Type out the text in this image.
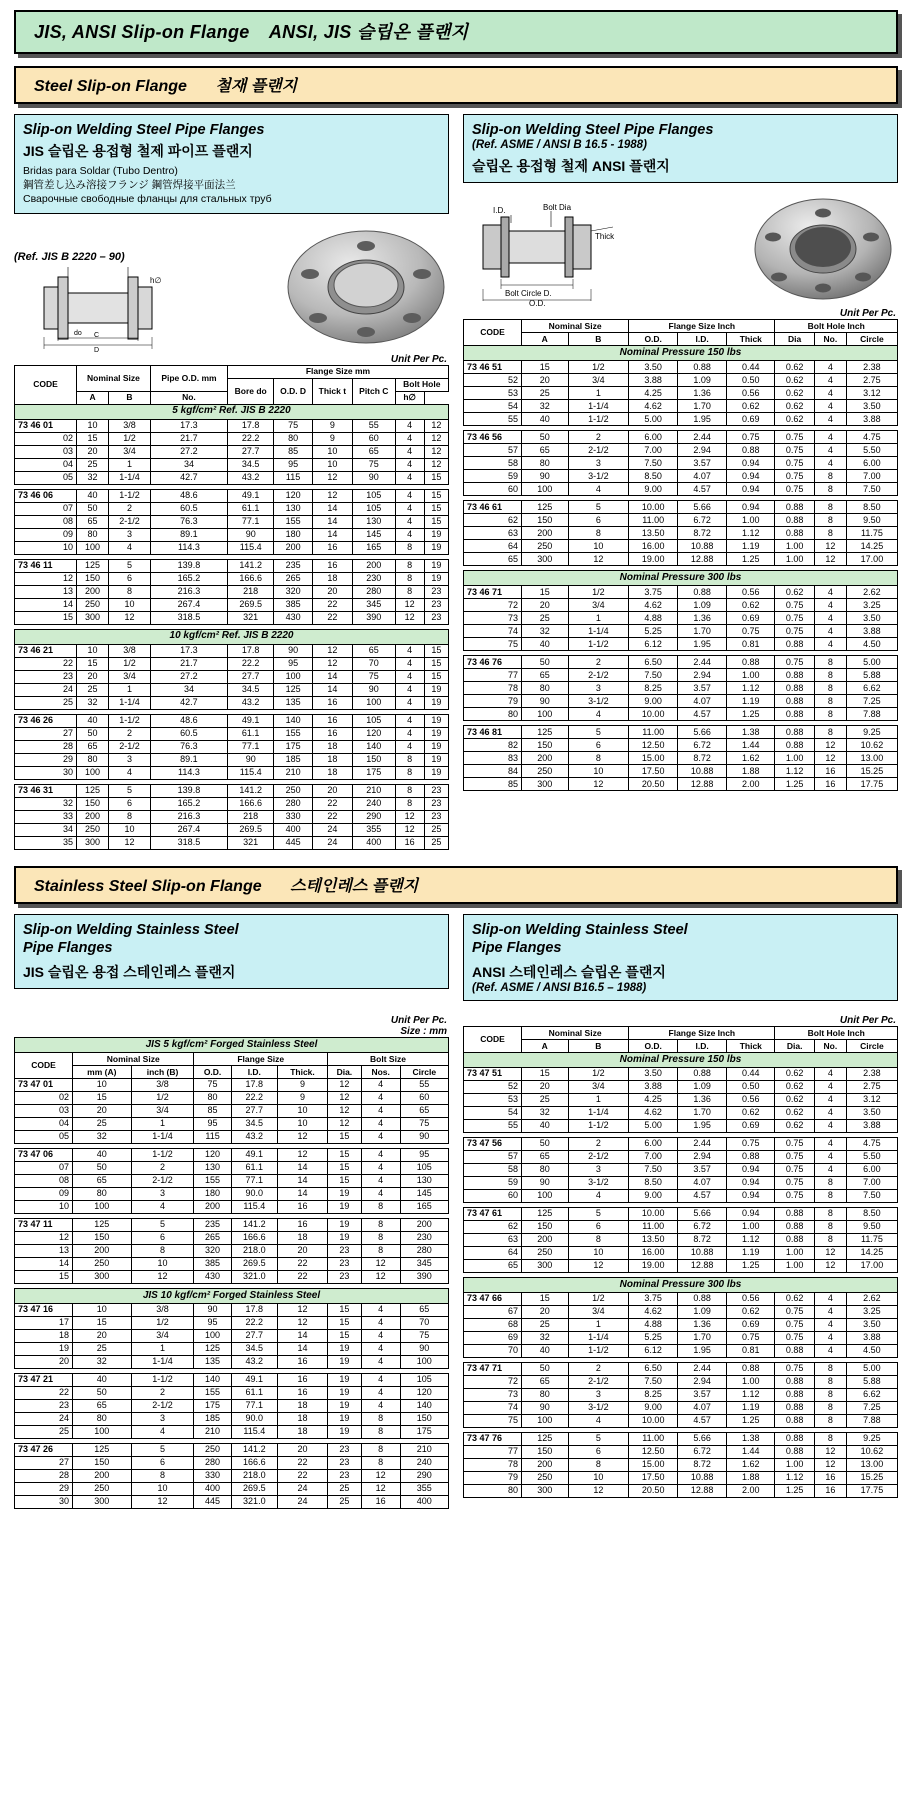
JIS, ANSI Slip-on Flange ANSI, JIS 슬립온 플랜지
Steel Slip-on Flange 철재 플랜지
Slip-on Welding Steel Pipe Flanges
JIS 슬립온 용접형 철제 파이프 플랜지
Bridas para Soldar (Tubo Dentro)
鋼管差し込み溶接フランジ 鋼管焊接平面法兰
Сварочные свободные фланцы для стальных труб
(Ref. JIS B 2220 – 90)
h∅
D
C
do
Unit Per Pc.
CODE	Nominal Size		Pipe O.D. mm	Flange Size mm					
				Bore do	O.D. D	Thick t	Pitch C	Bolt Hole	
	A	B	No.					h∅	
5 kgf/cm² Ref. JIS B 2220									
73 46 01	10	3/8	17.3	17.8	75	9	55	4	12
02	15	1/2	21.7	22.2	80	9	60	4	12
03	20	3/4	27.2	27.7	85	10	65	4	12
04	25	1	34	34.5	95	10	75	4	12
05	32	1-1/4	42.7	43.2	115	12	90	4	15

73 46 06	40	1-1/2	48.6	49.1	120	12	105	4	15
07	50	2	60.5	61.1	130	14	105	4	15
08	65	2-1/2	76.3	77.1	155	14	130	4	15
09	80	3	89.1	90	180	14	145	4	19
10	100	4	114.3	115.4	200	16	165	8	19

73 46 11	125	5	139.8	141.2	235	16	200	8	19
12	150	6	165.2	166.6	265	18	230	8	19
13	200	8	216.3	218	320	20	280	8	23
14	250	10	267.4	269.5	385	22	345	12	23
15	300	12	318.5	321	430	22	390	12	23

10 kgf/cm² Ref. JIS B 2220									
73 46 21	10	3/8	17.3	17.8	90	12	65	4	15
22	15	1/2	21.7	22.2	95	12	70	4	15
23	20	3/4	27.2	27.7	100	14	75	4	15
24	25	1	34	34.5	125	14	90	4	19
25	32	1-1/4	42.7	43.2	135	16	100	4	19

73 46 26	40	1-1/2	48.6	49.1	140	16	105	4	19
27	50	2	60.5	61.1	155	16	120	4	19
28	65	2-1/2	76.3	77.1	175	18	140	4	19
29	80	3	89.1	90	185	18	150	8	19
30	100	4	114.3	115.4	210	18	175	8	19

73 46 31	125	5	139.8	141.2	250	20	210	8	23
32	150	6	165.2	166.6	280	22	240	8	23
33	200	8	216.3	218	330	22	290	12	23
34	250	10	267.4	269.5	400	24	355	12	25
35	300	12	318.5	321	445	24	400	16	25
Slip-on Welding Steel Pipe Flanges
(Ref. ASME / ANSI B 16.5 - 1988)
슬립온 용접형 철제 ANSI 플랜지
I.D.	Bolt Dia
Thick
Bolt Circle D.
O.D.
Unit Per Pc.
CODE	Nominal Size		Flange Size Inch			Bolt Hole Inch		

	A	B	O.D.	I.D.	Thick	Dia	No.	Circle
Nominal Pressure 150 lbs								
73 46 51	15	1/2	3.50	0.88	0.44	0.62	4	2.38
52	20	3/4	3.88	1.09	0.50	0.62	4	2.75
53	25	1	4.25	1.36	0.56	0.62	4	3.12
54	32	1-1/4	4.62	1.70	0.62	0.62	4	3.50
55	40	1-1/2	5.00	1.95	0.69	0.62	4	3.88

73 46 56	50	2	6.00	2.44	0.75	0.75	4	4.75
57	65	2-1/2	7.00	2.94	0.88	0.75	4	5.50
58	80	3	7.50	3.57	0.94	0.75	4	6.00
59	90	3-1/2	8.50	4.07	0.94	0.75	8	7.00
60	100	4	9.00	4.57	0.94	0.75	8	7.50

73 46 61	125	5	10.00	5.66	0.94	0.88	8	8.50
62	150	6	11.00	6.72	1.00	0.88	8	9.50
63	200	8	13.50	8.72	1.12	0.88	8	11.75
64	250	10	16.00	10.88	1.19	1.00	12	14.25
65	300	12	19.00	12.88	1.25	1.00	12	17.00

Nominal Pressure 300 lbs								
73 46 71	15	1/2	3.75	0.88	0.56	0.62	4	2.62
72	20	3/4	4.62	1.09	0.62	0.75	4	3.25
73	25	1	4.88	1.36	0.69	0.75	4	3.50
74	32	1-1/4	5.25	1.70	0.75	0.75	4	3.88
75	40	1-1/2	6.12	1.95	0.81	0.88	4	4.50

73 46 76	50	2	6.50	2.44	0.88	0.75	8	5.00
77	65	2-1/2	7.50	2.94	1.00	0.88	8	5.88
78	80	3	8.25	3.57	1.12	0.88	8	6.62
79	90	3-1/2	9.00	4.07	1.19	0.88	8	7.25
80	100	4	10.00	4.57	1.25	0.88	8	7.88

73 46 81	125	5	11.00	5.66	1.38	0.88	8	9.25
82	150	6	12.50	6.72	1.44	0.88	12	10.62
83	200	8	15.00	8.72	1.62	1.00	12	13.00
84	250	10	17.50	10.88	1.88	1.12	16	15.25
85	300	12	20.50	12.88	2.00	1.25	16	17.75
Stainless Steel Slip-on Flange 스테인레스 플랜지
Slip-on Welding Stainless Steel
Pipe Flanges
JIS 슬립온 용접 스테인레스 플랜지
Unit Per Pc.
Size : mm
JIS 5 kgf/cm² Forged Stainless Steel								
CODE	Nominal Size		Flange Size			Bolt Size		
	mm (A)	inch (B)	O.D.	I.D.	Thick.	Dia.	Nos.	Circle
73 47 01	10	3/8	75	17.8	9	12	4	55
02	15	1/2	80	22.2	9	12	4	60
03	20	3/4	85	27.7	10	12	4	65
04	25	1	95	34.5	10	12	4	75
05	32	1-1/4	115	43.2	12	15	4	90

73 47 06	40	1-1/2	120	49.1	12	15	4	95
07	50	2	130	61.1	14	15	4	105
08	65	2-1/2	155	77.1	14	15	4	130
09	80	3	180	90.0	14	19	4	145
10	100	4	200	115.4	16	19	8	165

73 47 11	125	5	235	141.2	16	19	8	200
12	150	6	265	166.6	18	19	8	230
13	200	8	320	218.0	20	23	8	280
14	250	10	385	269.5	22	23	12	345
15	300	12	430	321.0	22	23	12	390

JIS 10 kgf/cm² Forged Stainless Steel								
73 47 16	10	3/8	90	17.8	12	15	4	65
17	15	1/2	95	22.2	12	15	4	70
18	20	3/4	100	27.7	14	15	4	75
19	25	1	125	34.5	14	19	4	90
20	32	1-1/4	135	43.2	16	19	4	100

73 47 21	40	1-1/2	140	49.1	16	19	4	105
22	50	2	155	61.1	16	19	4	120
23	65	2-1/2	175	77.1	18	19	4	140
24	80	3	185	90.0	18	19	8	150
25	100	4	210	115.4	18	19	8	175

73 47 26	125	5	250	141.2	20	23	8	210
27	150	6	280	166.6	22	23	8	240
28	200	8	330	218.0	22	23	12	290
29	250	10	400	269.5	24	25	12	355
30	300	12	445	321.0	24	25	16	400
Slip-on Welding Stainless Steel
Pipe Flanges
ANSI 스테인레스 슬립온 플랜지
(Ref. ASME / ANSI B16.5 – 1988)
Unit Per Pc.
CODE	Nominal Size		Flange Size Inch			Bolt Hole Inch		

	A	B	O.D.	I.D.	Thick	Dia.	No.	Circle
Nominal Pressure 150 lbs								
73 47 51	15	1/2	3.50	0.88	0.44	0.62	4	2.38
52	20	3/4	3.88	1.09	0.50	0.62	4	2.75
53	25	1	4.25	1.36	0.56	0.62	4	3.12
54	32	1-1/4	4.62	1.70	0.62	0.62	4	3.50
55	40	1-1/2	5.00	1.95	0.69	0.62	4	3.88

73 47 56	50	2	6.00	2.44	0.75	0.75	4	4.75
57	65	2-1/2	7.00	2.94	0.88	0.75	4	5.50
58	80	3	7.50	3.57	0.94	0.75	4	6.00
59	90	3-1/2	8.50	4.07	0.94	0.75	8	7.00
60	100	4	9.00	4.57	0.94	0.75	8	7.50

73 47 61	125	5	10.00	5.66	0.94	0.88	8	8.50
62	150	6	11.00	6.72	1.00	0.88	8	9.50
63	200	8	13.50	8.72	1.12	0.88	8	11.75
64	250	10	16.00	10.88	1.19	1.00	12	14.25
65	300	12	19.00	12.88	1.25	1.00	12	17.00

Nominal Pressure 300 lbs								
73 47 66	15	1/2	3.75	0.88	0.56	0.62	4	2.62
67	20	3/4	4.62	1.09	0.62	0.75	4	3.25
68	25	1	4.88	1.36	0.69	0.75	4	3.50
69	32	1-1/4	5.25	1.70	0.75	0.75	4	3.88
70	40	1-1/2	6.12	1.95	0.81	0.88	4	4.50

73 47 71	50	2	6.50	2.44	0.88	0.75	8	5.00
72	65	2-1/2	7.50	2.94	1.00	0.88	8	5.88
73	80	3	8.25	3.57	1.12	0.88	8	6.62
74	90	3-1/2	9.00	4.07	1.19	0.88	8	7.25
75	100	4	10.00	4.57	1.25	0.88	8	7.88

73 47 76	125	5	11.00	5.66	1.38	0.88	8	9.25
77	150	6	12.50	6.72	1.44	0.88	12	10.62
78	200	8	15.00	8.72	1.62	1.00	12	13.00
79	250	10	17.50	10.88	1.88	1.12	16	15.25
80	300	12	20.50	12.88	2.00	1.25	16	17.75
